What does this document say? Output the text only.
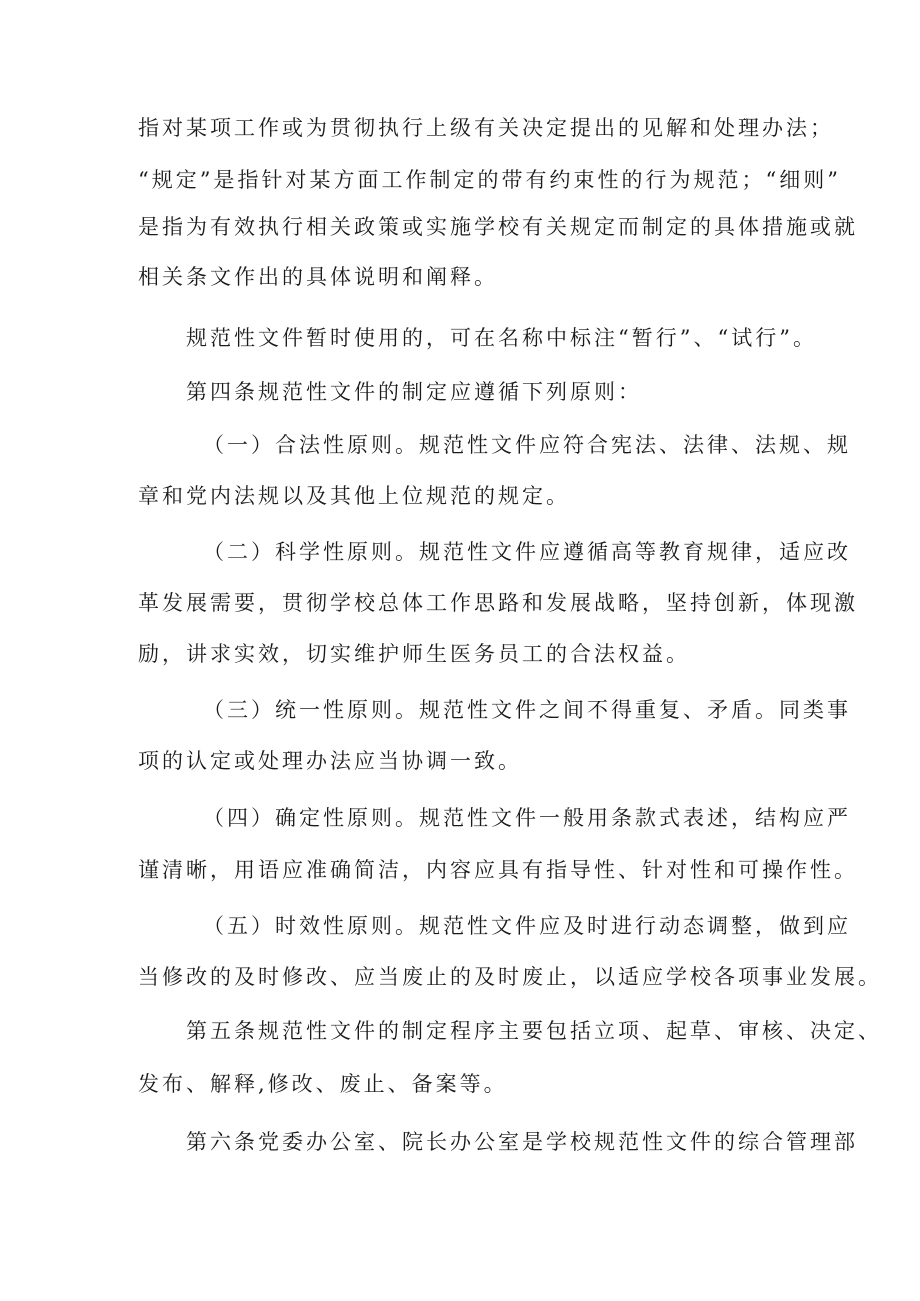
指对某项工作或为贯彻执行上级有关决定提出的见解和处理办法；
“规定”是指针对某方面工作制定的带有约束性的行为规范；“细则”
是指为有效执行相关政策或实施学校有关规定而制定的具体措施或就
相关条文作出的具体说明和阐释。
规范性文件暂时使用的，可在名称中标注“暂行”、“试行”。
第四条规范性文件的制定应遵循下列原则：
（一）合法性原则。规范性文件应符合宪法、法律、法规、规
章和党内法规以及其他上位规范的规定。
（二）科学性原则。规范性文件应遵循高等教育规律，适应改
革发展需要，贯彻学校总体工作思路和发展战略，坚持创新，体现激
励，讲求实效，切实维护师生医务员工的合法权益。
（三）统一性原则。规范性文件之间不得重复、矛盾。同类事
项的认定或处理办法应当协调一致。
（四）确定性原则。规范性文件一般用条款式表述，结构应严
谨清晰，用语应准确简洁，内容应具有指导性、针对性和可操作性。
（五）时效性原则。规范性文件应及时进行动态调整，做到应
当修改的及时修改、应当废止的及时废止，以适应学校各项事业发展。
第五条规范性文件的制定程序主要包括立项、起草、审核、决定、
发布、解释,修改、废止、备案等。
第六条党委办公室、院长办公室是学校规范性文件的综合管理部
